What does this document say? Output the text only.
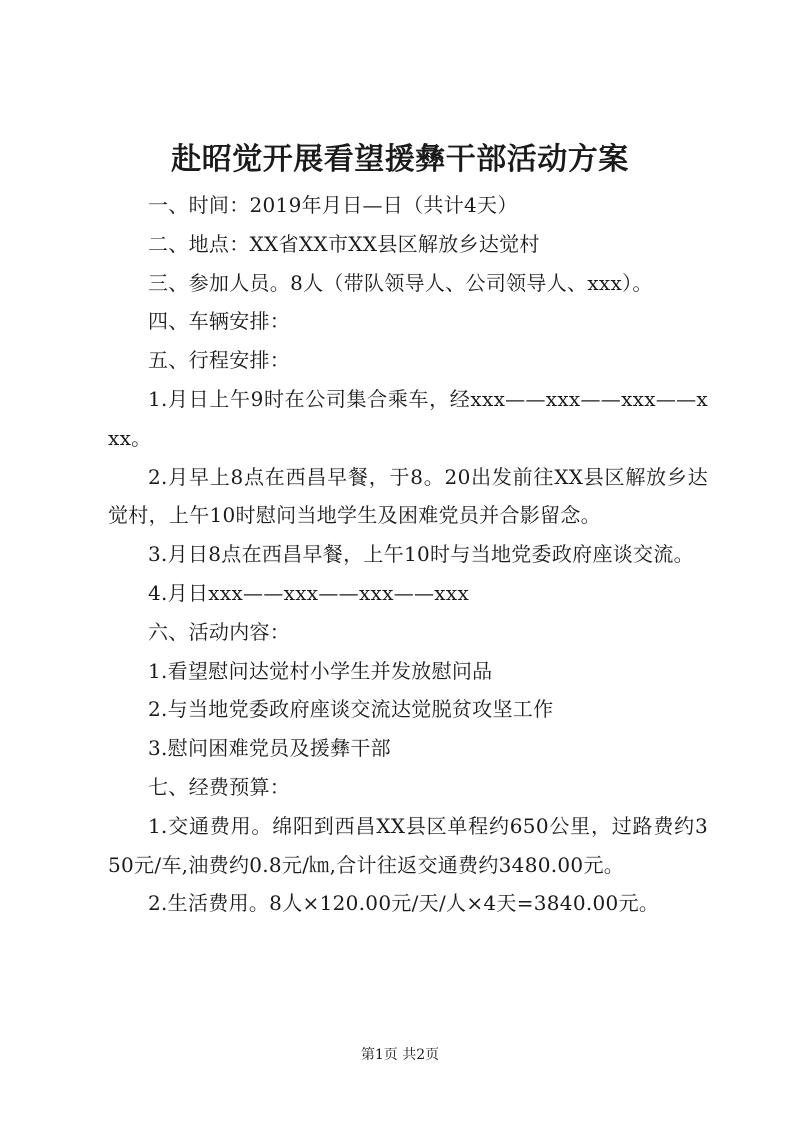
赴昭觉开展看望援彝干部活动方案

一、时间：2019年月日—日（共计4天）

二、地点：XX省XX市XX县区解放乡达觉村

三、参加人员。8人（带队领导人、公司领导人、xxx）。

四、车辆安排：

五、行程安排：

1.月日上午9时在公司集合乘车，经xxx——xxx——xxx——xxx。

2.月早上8点在西昌早餐，于8。20出发前往XX县区解放乡达觉村，上午10时慰问当地学生及困难党员并合影留念。

3.月日8点在西昌早餐，上午10时与当地党委政府座谈交流。

4.月日xxx——xxx——xxx——xxx

六、活动内容：

1.看望慰问达觉村小学生并发放慰问品

2.与当地党委政府座谈交流达觉脱贫攻坚工作

3.慰问困难党员及援彝干部

七、经费预算：

1.交通费用。绵阳到西昌XX县区单程约650公里，过路费约350元/车,油费约0.8元/㎞,合计往返交通费约3480.00元。

2.生活费用。8人×120.00元/天/人×4天=3840.00元。

第1页 共2页
